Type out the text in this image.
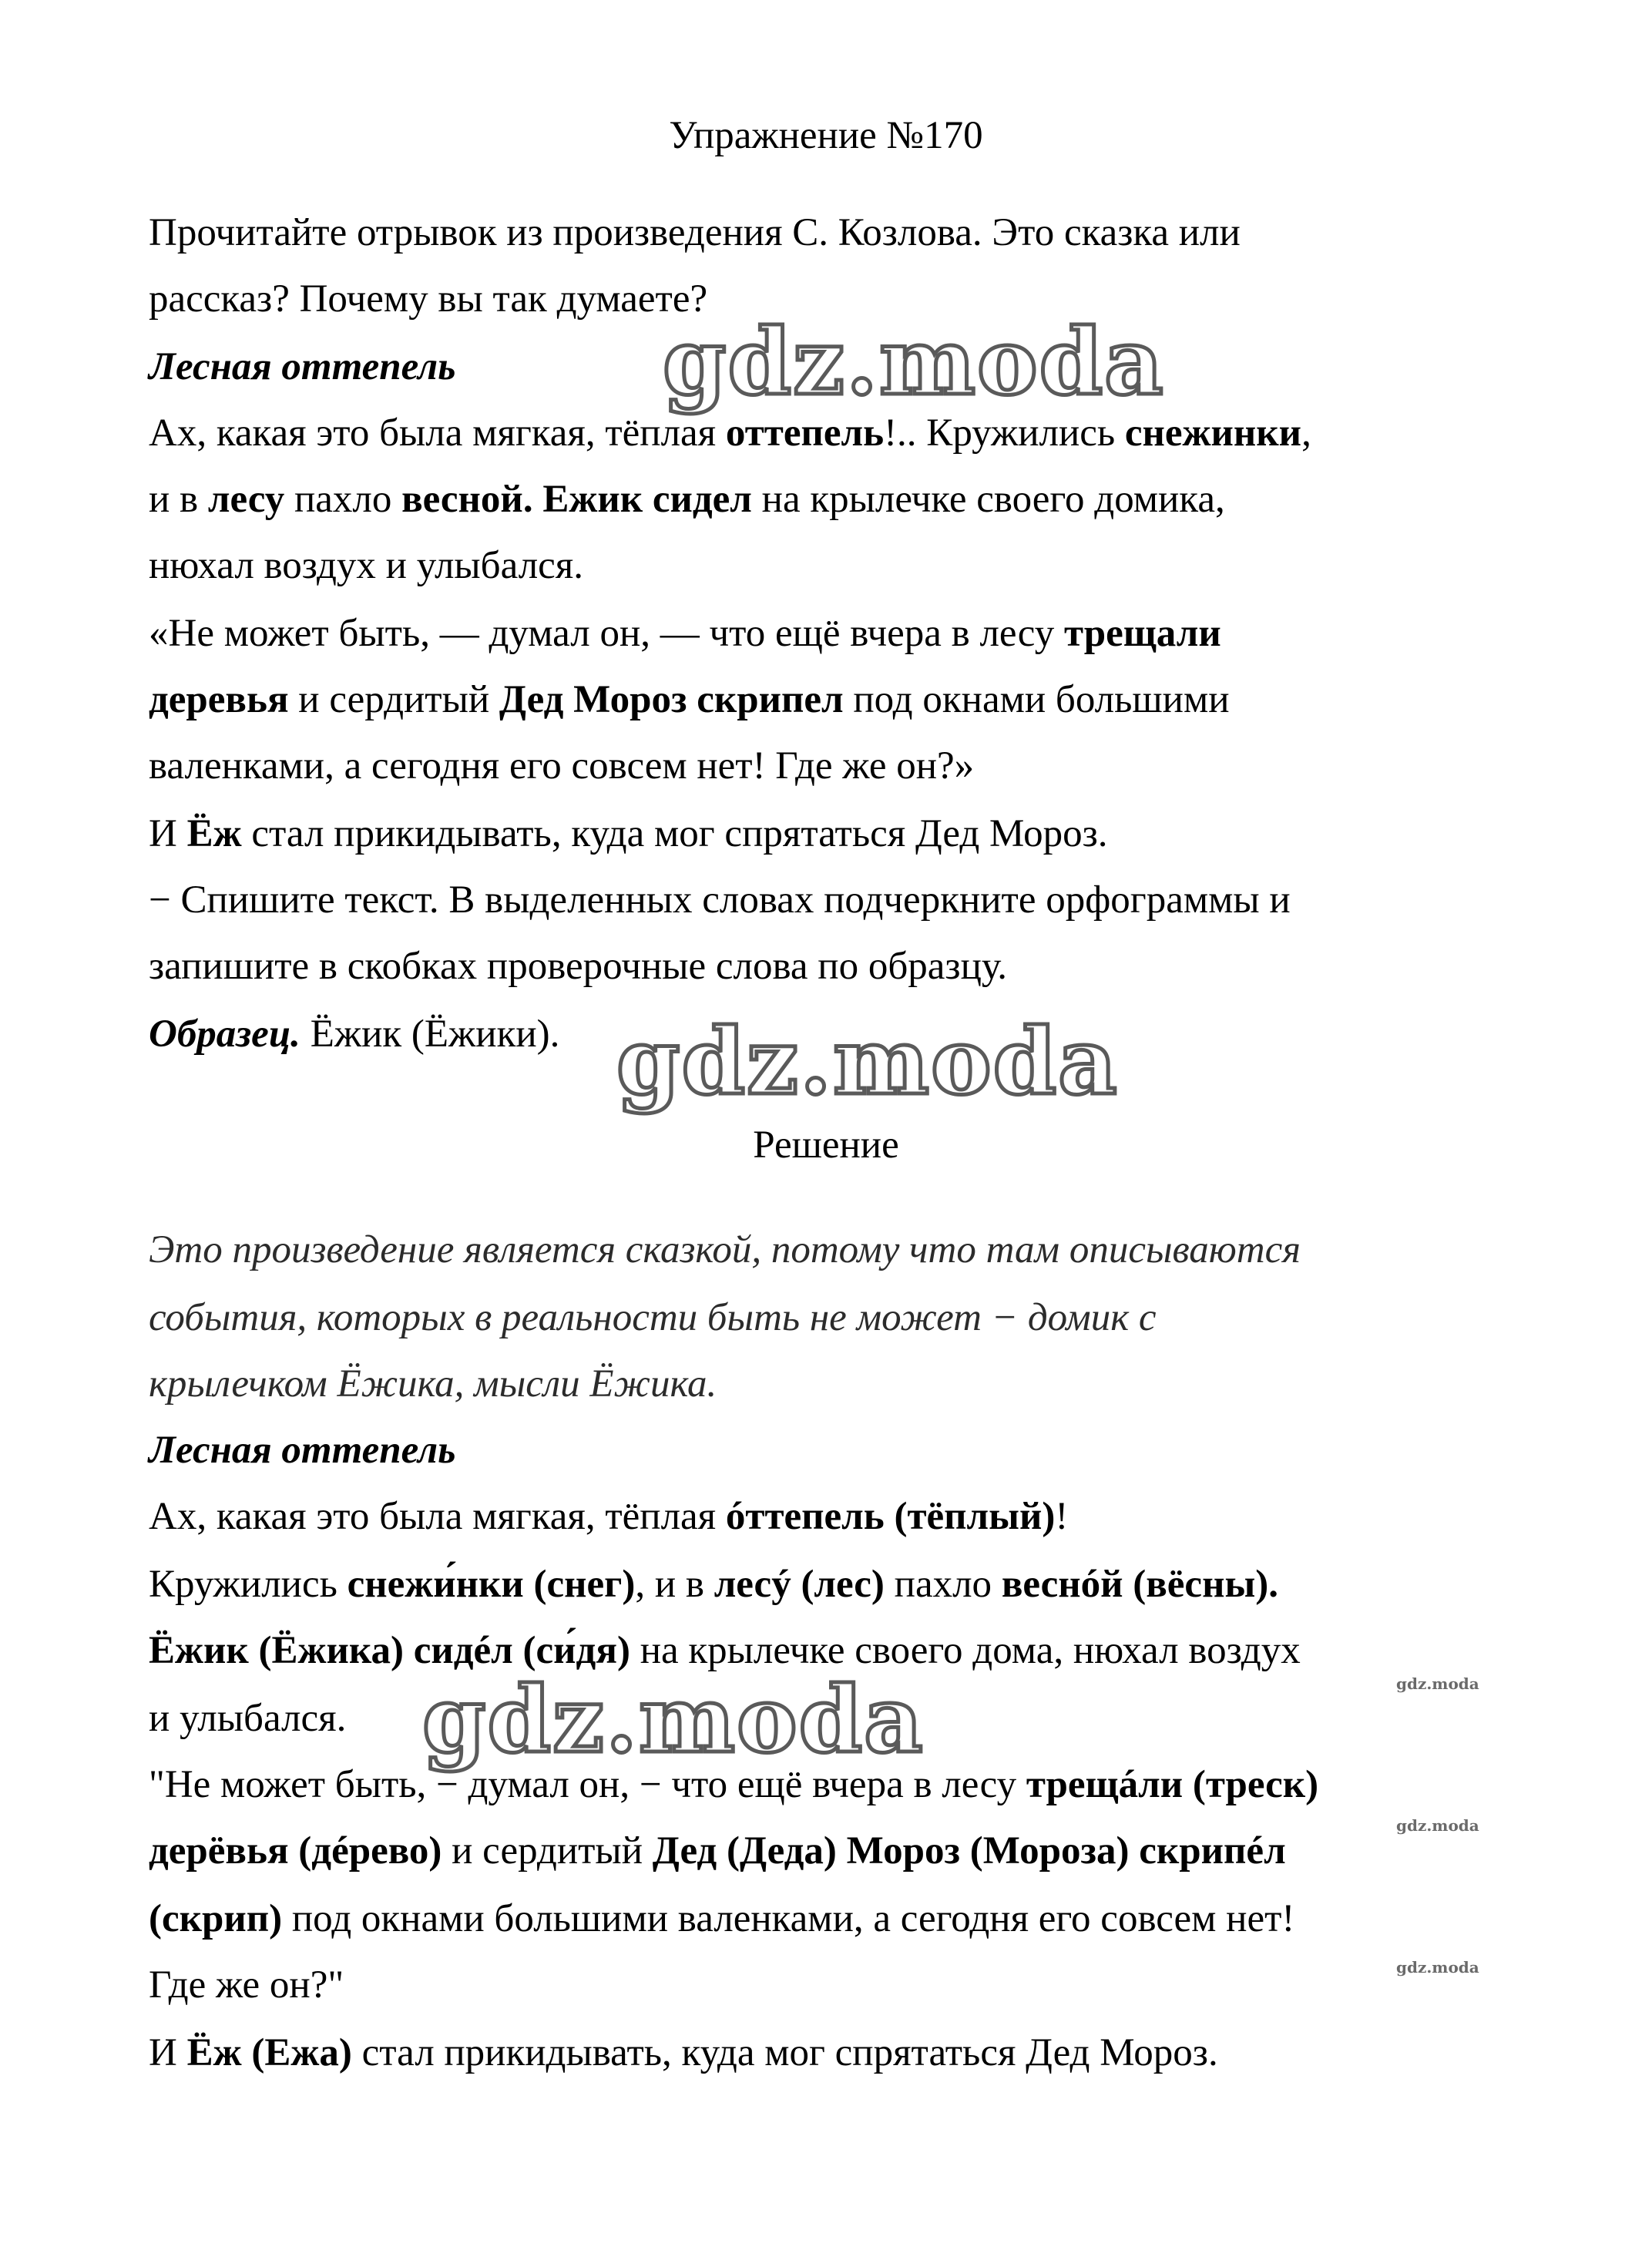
Упражнение №170
Прочитайте отрывок из произведения С. Козлова. Это сказка или
рассказ? Почему вы так думаете?
Лесная оттепель
Ах, какая это была мягкая, тёплая оттепель!.. Кружились снежинки,
и в лесу пахло весной. Ежик сидел на крылечке своего домика,
нюхал воздух и улыбался.
«Не может быть, — думал он, — что ещё вчера в лесу трещали
деревья и сердитый Дед Мороз скрипел под окнами большими
валенками, а сегодня его совсем нет! Где же он?»
И Ёж стал прикидывать, куда мог спрятаться Дед Мороз.
− Спишите текст. В выделенных словах подчеркните орфограммы и
запишите в скобках проверочные слова по образцу.
Образец. Ёжик (Ёжики).
Решение
Это произведение является сказкой, потому что там описываются
события, которых в реальности быть не может − домик с
крылечком Ёжика, мысли Ёжика.
Лесная оттепель
Ах, какая это была мягкая, тёплая óттепель (тёплый)!
Кружились снежи́нки (снег), и в лесý (лес) пахло веснóй (вёсны).
Ёжик (Ёжика) сидéл (си́дя) на крылечке своего дома, нюхал воздух
и улыбался.
"Не может быть, − думал он, − что ещё вчера в лесу трещáли (треск)
дерёвья (дéрево) и сердитый Дед (Деда) Мороз (Мороза) скрипéл
(скрип) под окнами большими валенками, а сегодня его совсем нет!
Где же он?"
И Ёж (Ежа) стал прикидывать, куда мог спрятаться Дед Мороз.
gdz.moda
gdz.moda
gdz.moda	gdz.moda
gdz.moda
gdz.moda
